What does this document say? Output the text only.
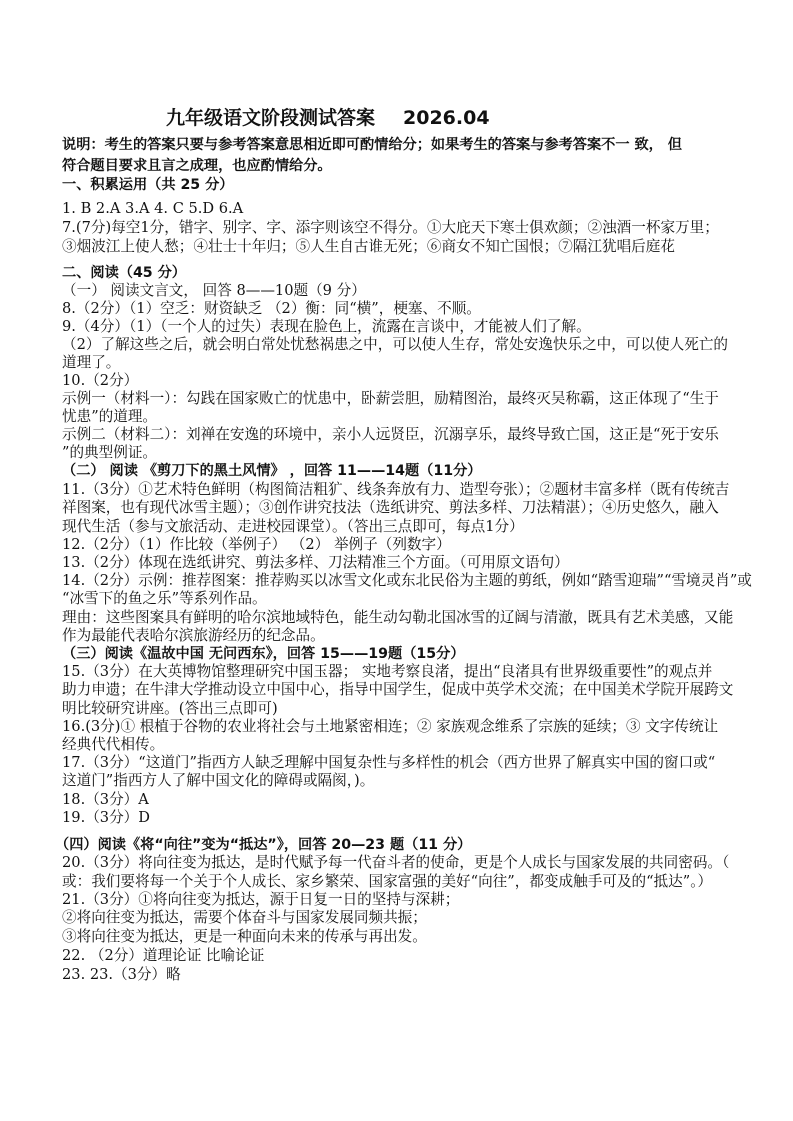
九年级语文阶段测试答案 2026.04
说明：考生的答案只要与参考答案意思相近即可酌情给分；如果考生的答案与参考答案不一 致， 但
符合题目要求且言之成理，也应酌情给分。
一、积累运用（共 25 分）
1. B 2.A 3.A 4. C 5.D 6.A
7.(7分)每空1分，错字、别字、字、添字则该空不得分。①大庇天下寒士俱欢颜；②浊酒一杯家万里；
③烟波江上使人愁；④壮士十年归；⑤人生自古谁无死；⑥商女不知亡国恨；⑦隔江犹唱后庭花
二、阅读（45 分）
（一） 阅读文言文， 回答 8——10题（9 分）
8.（2分）（1）空乏：财资缺乏 （2）衡：同“横”，梗塞、不顺。
9.（4分）（1）（一个人的过失）表现在脸色上，流露在言谈中，才能被人们了解。
（2）了解这些之后，就会明白常处忧愁祸患之中，可以使人生存，常处安逸快乐之中，可以使人死亡的
道理了。
10.（2分）
示例一（材料一）：勾践在国家败亡的忧患中，卧薪尝胆，励精图治，最终灭吴称霸，这正体现了“生于
忧患”的道理。
示例二（材料二）：刘禅在安逸的环境中，亲小人远贤臣，沉溺享乐，最终导致亡国，这正是“死于安乐
”的典型例证。
（二） 阅读 《剪刀下的黑土风情》 ，回答 11——14题（11分）
11.（3分）①艺术特色鲜明（构图简洁粗犷、线条奔放有力、造型夸张）；②题材丰富多样（既有传统吉
祥图案，也有现代冰雪主题）；③创作讲究技法（选纸讲究、剪法多样、刀法精湛）；④历史悠久，融入
现代生活（参与文旅活动、走进校园课堂）。（答出三点即可，每点1分）
12.（2分）（1）作比较（举例子） （2） 举例子（列数字）
13.（2分）体现在选纸讲究、剪法多样、刀法精准三个方面。（可用原文语句）
14.（2分）示例：推荐图案：推荐购买以冰雪文化或东北民俗为主题的剪纸，例如“踏雪迎瑞”“雪境灵肖”或
“冰雪下的鱼之乐”等系列作品。
理由：这些图案具有鲜明的哈尔滨地域特色，能生动勾勒北国冰雪的辽阔与清澈，既具有艺术美感，又能
作为最能代表哈尔滨旅游经历的纪念品。
（三）阅读《温故中国 无问西东》，回答 15——19题（15分）
15.（3分）在大英博物馆整理研究中国玉器； 实地考察良渚，提出“良渚具有世界级重要性”的观点并
助力申遗；在牛津大学推动设立中国中心，指导中国学生，促成中英学术交流；在中国美术学院开展跨文
明比较研究讲座。(答出三点即可)
16.(3分)① 根植于谷物的农业将社会与土地紧密相连；② 家族观念维系了宗族的延续；③ 文字传统让
经典代代相传。
17.（3分）“这道门”指西方人缺乏理解中国复杂性与多样性的机会（西方世界了解真实中国的窗口或“
这道门”指西方人了解中国文化的障碍或隔阂，)。
18.（3分）A
19.（3分）D
（四）阅读《将“向往”变为“抵达”》，回答 20—23 题（11 分）
20.（3分）将向往变为抵达，是时代赋予每一代奋斗者的使命，更是个人成长与国家发展的共同密码。（
或：我们要将每一个关于个人成长、家乡繁荣、国家富强的美好“向往”，都变成触手可及的“抵达”。）
21.（3分）①将向往变为抵达，源于日复一日的坚持与深耕；
②将向往变为抵达，需要个体奋斗与国家发展同频共振；
③将向往变为抵达，更是一种面向未来的传承与再出发。
22. （2分）道理论证 比喻论证
23. 23.（3分）略
